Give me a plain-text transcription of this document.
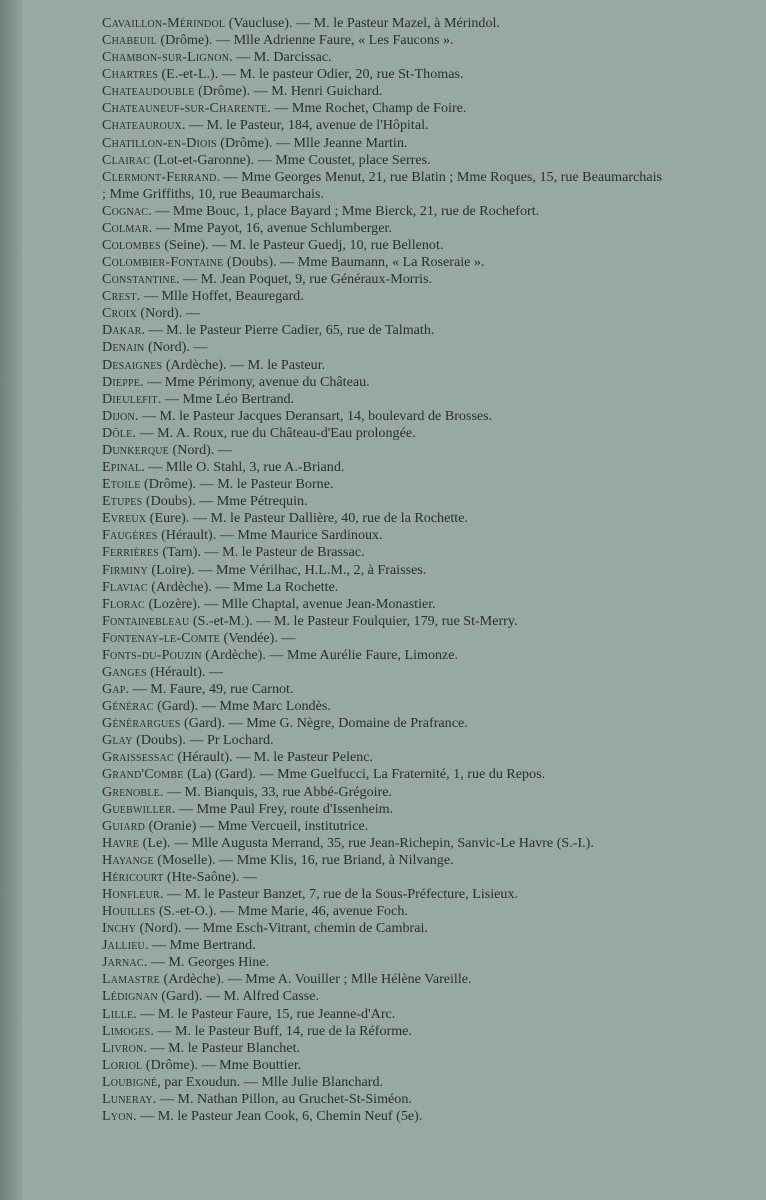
Cavaillon-Mérindol (Vaucluse). — M. le Pasteur Mazel, à Mérindol.

Chabeuil (Drôme). — Mlle Adrienne Faure, « Les Faucons ».

Chambon-sur-Lignon. — M. Darcissac.

Chartres (E.-et-L.). — M. le pasteur Odier, 20, rue St-Thomas.

Chateaudouble (Drôme). — M. Henri Guichard.

Chateauneuf-sur-Charente. — Mme Rochet, Champ de Foire.

Chateauroux. — M. le Pasteur, 184, avenue de l'Hôpital.

Chatillon-en-Diois (Drôme). — Mlle Jeanne Martin.

Clairac (Lot-et-Garonne). — Mme Coustet, place Serres.

Clermont-Ferrand. — Mme Georges Menut, 21, rue Blatin ; Mme Roques, 15, rue Beaumarchais ; Mme Griffiths, 10, rue Beaumarchais.

Cognac. — Mme Bouc, 1, place Bayard ; Mme Bierck, 21, rue de Rochefort.

Colmar. — Mme Payot, 16, avenue Schlumberger.

Colombes (Seine). — M. le Pasteur Guedj, 10, rue Bellenot.

Colombier-Fontaine (Doubs). — Mme Baumann, « La Roseraie ».

Constantine. — M. Jean Poquet, 9, rue Généraux-Morris.

Crest. — Mlle Hoffet, Beauregard.

Croix (Nord). —

Dakar. — M. le Pasteur Pierre Cadier, 65, rue de Talmath.

Denain (Nord). —

Desaignes (Ardèche). — M. le Pasteur.

Dieppe. — Mme Périmony, avenue du Château.

Dieulefit. — Mme Léo Bertrand.

Dijon. — M. le Pasteur Jacques Deransart, 14, boulevard de Brosses.

Dôle. — M. A. Roux, rue du Château-d'Eau prolongée.

Dunkerque (Nord). —

Epinal. — Mlle O. Stahl, 3, rue A.-Briand.

Etoile (Drôme). — M. le Pasteur Borne.

Etupes (Doubs). — Mme Pétrequin.

Evreux (Eure). — M. le Pasteur Dallière, 40, rue de la Rochette.

Faugères (Hérault). — Mme Maurice Sardinoux.

Ferrières (Tarn). — M. le Pasteur de Brassac.

Firminy (Loire). — Mme Vérilhac, H.L.M., 2, à Fraisses.

Flaviac (Ardèche). — Mme La Rochette.

Florac (Lozère). — Mlle Chaptal, avenue Jean-Monastier.

Fontainebleau (S.-et-M.). — M. le Pasteur Foulquier, 179, rue St-Merry.

Fontenay-le-Comte (Vendée). —

Fonts-du-Pouzin (Ardèche). — Mme Aurélie Faure, Limonze.

Ganges (Hérault). —

Gap. — M. Faure, 49, rue Carnot.

Générac (Gard). — Mme Marc Londès.

Générargues (Gard). — Mme G. Nègre, Domaine de Prafrance.

Glay (Doubs). — Pr Lochard.

Graissessac (Hérault). — M. le Pasteur Pelenc.

Grand'Combe (La) (Gard). — Mme Guelfucci, La Fraternité, 1, rue du Repos.

Grenoble. — M. Bianquis, 33, rue Abbé-Grégoire.

Guebwiller. — Mme Paul Frey, route d'Issenheim.

Guiard (Oranie) — Mme Vercueil, institutrice.

Havre (Le). — Mlle Augusta Merrand, 35, rue Jean-Richepin, Sanvic-Le Havre (S.-I.).

Hayange (Moselle). — Mme Klis, 16, rue Briand, à Nilvange.

Héricourt (Hte-Saône). —

Honfleur. — M. le Pasteur Banzet, 7, rue de la Sous-Préfecture, Lisieux.

Houilles (S.-et-O.). — Mme Marie, 46, avenue Foch.

Inchy (Nord). — Mme Esch-Vitrant, chemin de Cambrai.

Jallieu. — Mme Bertrand.

Jarnac. — M. Georges Hine.

Lamastre (Ardèche). — Mme A. Vouiller ; Mlle Hélène Vareille.

Lédignan (Gard). — M. Alfred Casse.

Lille. — M. le Pasteur Faure, 15, rue Jeanne-d'Arc.

Limoges. — M. le Pasteur Buff, 14, rue de la Réforme.

Livron. — M. le Pasteur Blanchet.

Loriol (Drôme). — Mme Bouttier.

Loubigné, par Exoudun. — Mlle Julie Blanchard.

Luneray. — M. Nathan Pillon, au Gruchet-St-Siméon.

Lyon. — M. le Pasteur Jean Cook, 6, Chemin Neuf (5e).
